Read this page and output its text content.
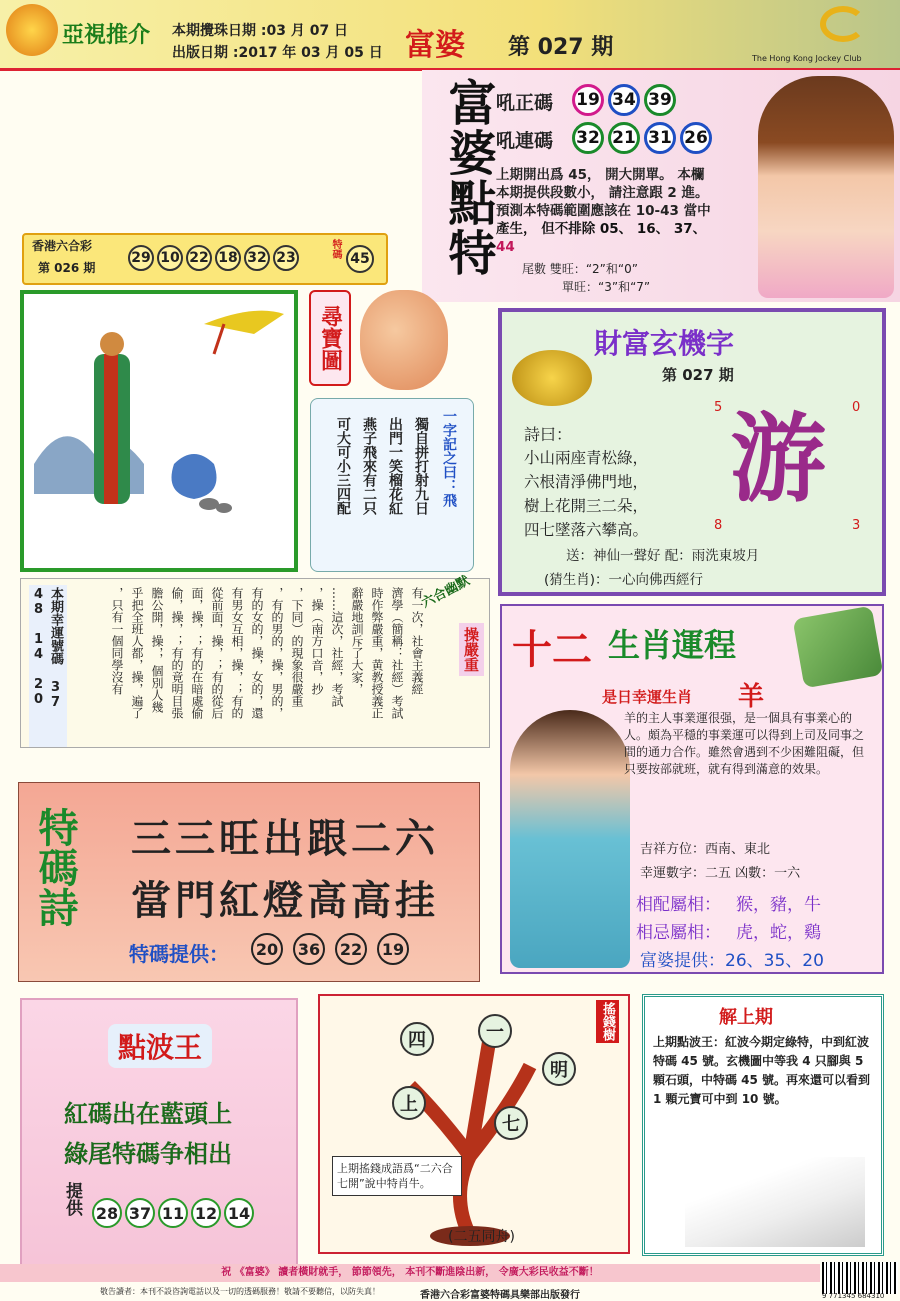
亞視推介 本期攪珠日期 :03 月 07 日
出版日期 :2017 年 03 月 05 日 富婆 第 027 期	The Hong Kong Jockey Club
富婆點特 吼正碼 19 34 39
吼連碼 32 21 31 26
上期開出爲 45， 開大開單。 本欄
本期提供段數小， 請注意跟 2 進。
預測本特碼範圍應該在 10-43 當中
產生， 但不排除 05、 16、 37、
44
尾數 雙旺：“2”和“0”
單旺：“3”和“7”
香港六合彩
第 026 期
29 10 22 18 32 23	特碼 45
尋寶圖
一字記之曰：飛
獨自拼打射九日
出門一笑榴花紅
燕子飛來有二只
可大可小三四配
財富玄機字
第 027 期
5	0
8	3
游
詩曰：
小山兩座青松綠，
六根清淨佛門地，
樹上花開三二朵，
四七墜落六攀高。
送：神仙一聲好 配：雨洗東坡月
(猜生肖)：一心向佛西經行
本期幸運號碼 37 48 14 20	有一次，社會主義經
濟學（簡稱：社經）考試
時作弊嚴重，黄教授義正
辭嚴地訓斥了大家，
……這次，社經，考試
，操（南方口音，抄
，下同）的現象很嚴重
，有的男的，操，男的，
有的女的，操，女的，還
有男女互相，操，；有的
從前面，操，；有的從后
面，操，；有的在暗處偷
偷，操，；有的竟明目張
膽公開，操，，個別人幾
乎把全班人都，操，遍了
，只有一個同學沒有	六合幽默
操嚴重
特碼詩 三三旺出跟二六
當門紅燈高高挂
特碼提供：	20	36	22	19
十二 生肖運程
是日幸運生肖 羊
羊的主人事業運很强，是一個具有事業心的人。頗為平穩的事業運可以得到上司及同事之間的通力合作。雖然會遇到不少困難阻礙，但只要按部就班，就有得到滿意的效果。
吉祥方位：西南、東北
幸運數字：二五 凶數：一六
相配屬相： 猴，豬，牛
相忌屬相： 虎，蛇，鷄
富婆提供：26、35、20
點波王
紅碼出在藍頭上
綠尾特碼争相出
提供 28 37 11 12 14
搖錢樹
四	一
明
上
七
上期搖錢成語爲“二六合七開”說中特肖牛。
(二五同舟)
解上期
上期點波王：紅波今期定綠特，中到紅波特碼 45 號。玄機圖中等我 4 只腳與 5 顆石頭，中特碼 45 號。再來還可以看到 1 顆元寶可中到 10 號。
祝 《富婆》 讀者橫財就手， 節節領先， 本刊不斷進陰出新， 令廣大彩民收益不斷！
敬告讀者：本刊不設咨詢電話以及一切的透碼服務！敬請不要聽信，以防失真！	香港六合彩富婆特碼具樂部出版發行	9 771345 684310
